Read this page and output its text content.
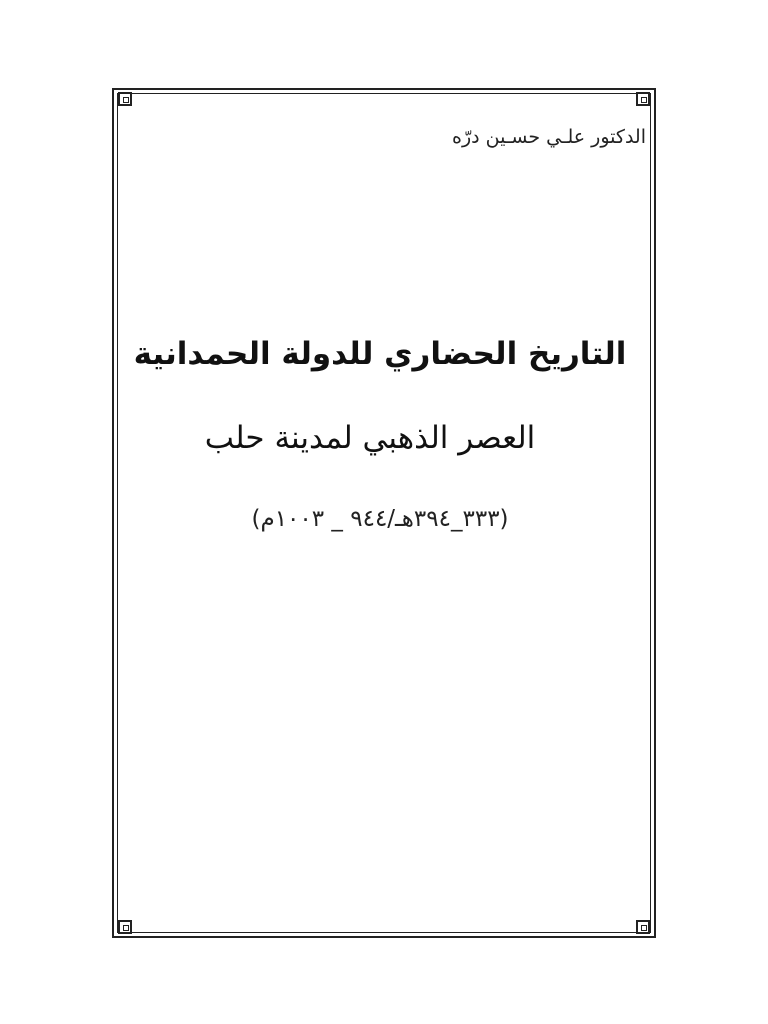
الدكتور علـي حسـين درّه
التاريخ الحضاري للدولة الحمدانية
العصر الذهبي لمدينة حلب
(٣٣٣_٣٩٤هـ/٩٤٤ _ ١٠٠٣م)
